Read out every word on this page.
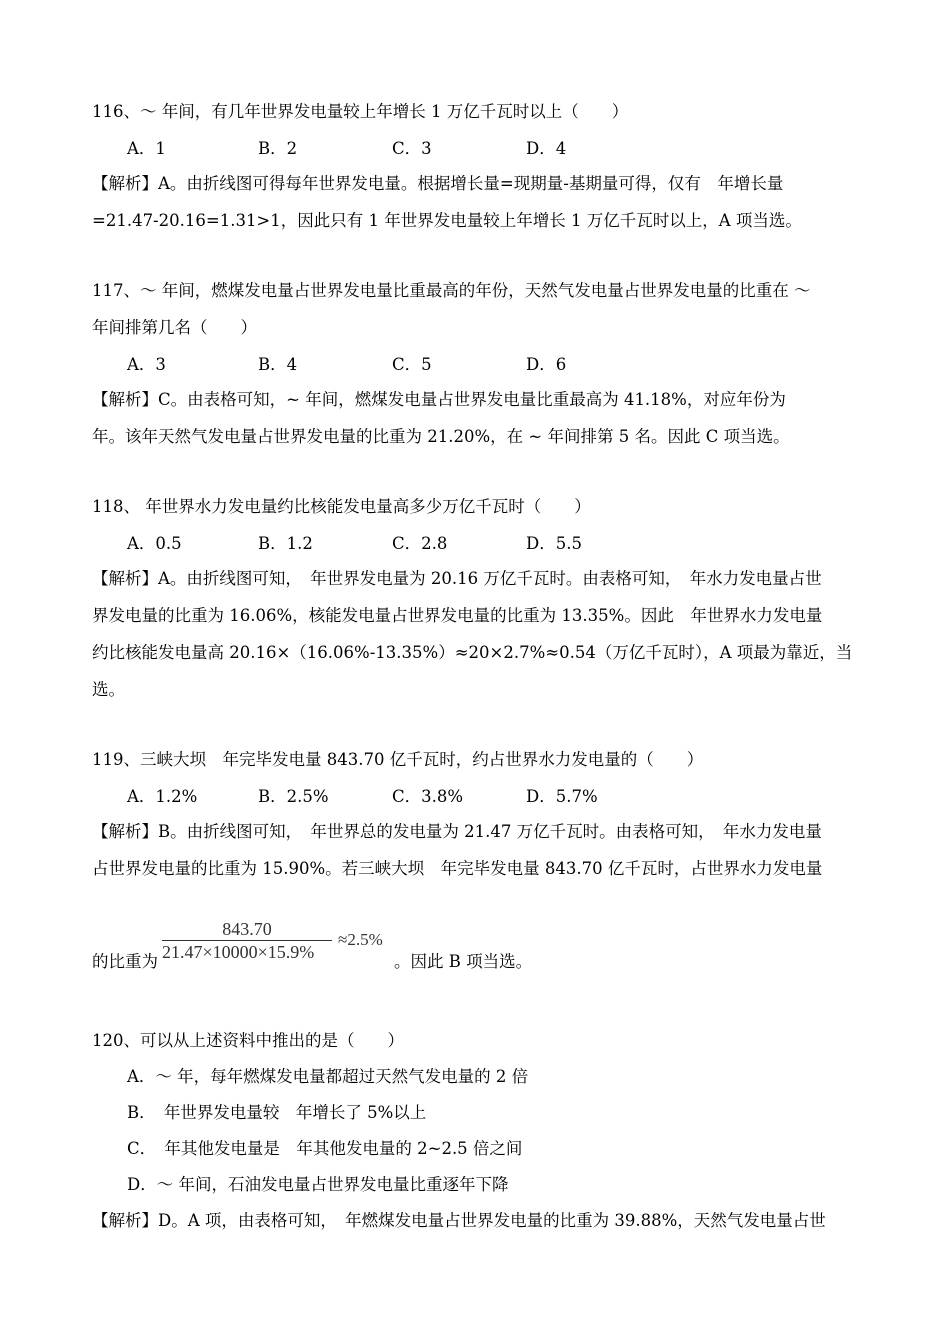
116、～ 年间，有几年世界发电量较上年增长 1 万亿千瓦时以上（　　）
A．1	B．2	C．3	D．4
【解析】A。由折线图可得每年世界发电量。根据增长量=现期量-基期量可得，仅有　年增长量
=21.47-20.16=1.31>1，因此只有 1 年世界发电量较上年增长 1 万亿千瓦时以上，A 项当选。
117、～ 年间，燃煤发电量占世界发电量比重最高的年份，天然气发电量占世界发电量的比重在 ～
年间排第几名（　　）
A．3	B．4	C．5	D．6
【解析】C。由表格可知，~ 年间，燃煤发电量占世界发电量比重最高为 41.18%，对应年份为
年。该年天然气发电量占世界发电量的比重为 21.20%，在 ~ 年间排第 5 名。因此 C 项当选。
118、 年世界水力发电量约比核能发电量高多少万亿千瓦时（　　）
A．0.5	B．1.2	C．2.8	D．5.5
【解析】A。由折线图可知，　年世界发电量为 20.16 万亿千瓦时。由表格可知，　年水力发电量占世
界发电量的比重为 16.06%，核能发电量占世界发电量的比重为 13.35%。因此　年世界水力发电量
约比核能发电量高 20.16×（16.06%-13.35%）≈20×2.7%≈0.54（万亿千瓦时），A 项最为靠近，当
选。
119、三峡大坝　年完毕发电量 843.70 亿千瓦时，约占世界水力发电量的（　　）
A．1.2%	B．2.5%	C．3.8%	D．5.7%
【解析】B。由折线图可知，　年世界总的发电量为 21.47 万亿千瓦时。由表格可知，　年水力发电量
占世界发电量的比重为 15.90%。若三峡大坝　年完毕发电量 843.70 亿千瓦时，占世界水力发电量
的比重为
843.70
21.47×10000×15.9%
≈2.5%
。因此 B 项当选。
120、可以从上述资料中推出的是（　　）
A．～ 年，每年燃煤发电量都超过天然气发电量的 2 倍
B．　年世界发电量较　年增长了 5%以上
C．　年其他发电量是　年其他发电量的 2~2.5 倍之间
D．～ 年间，石油发电量占世界发电量比重逐年下降
【解析】D。A 项，由表格可知，　年燃煤发电量占世界发电量的比重为 39.88%，天然气发电量占世
